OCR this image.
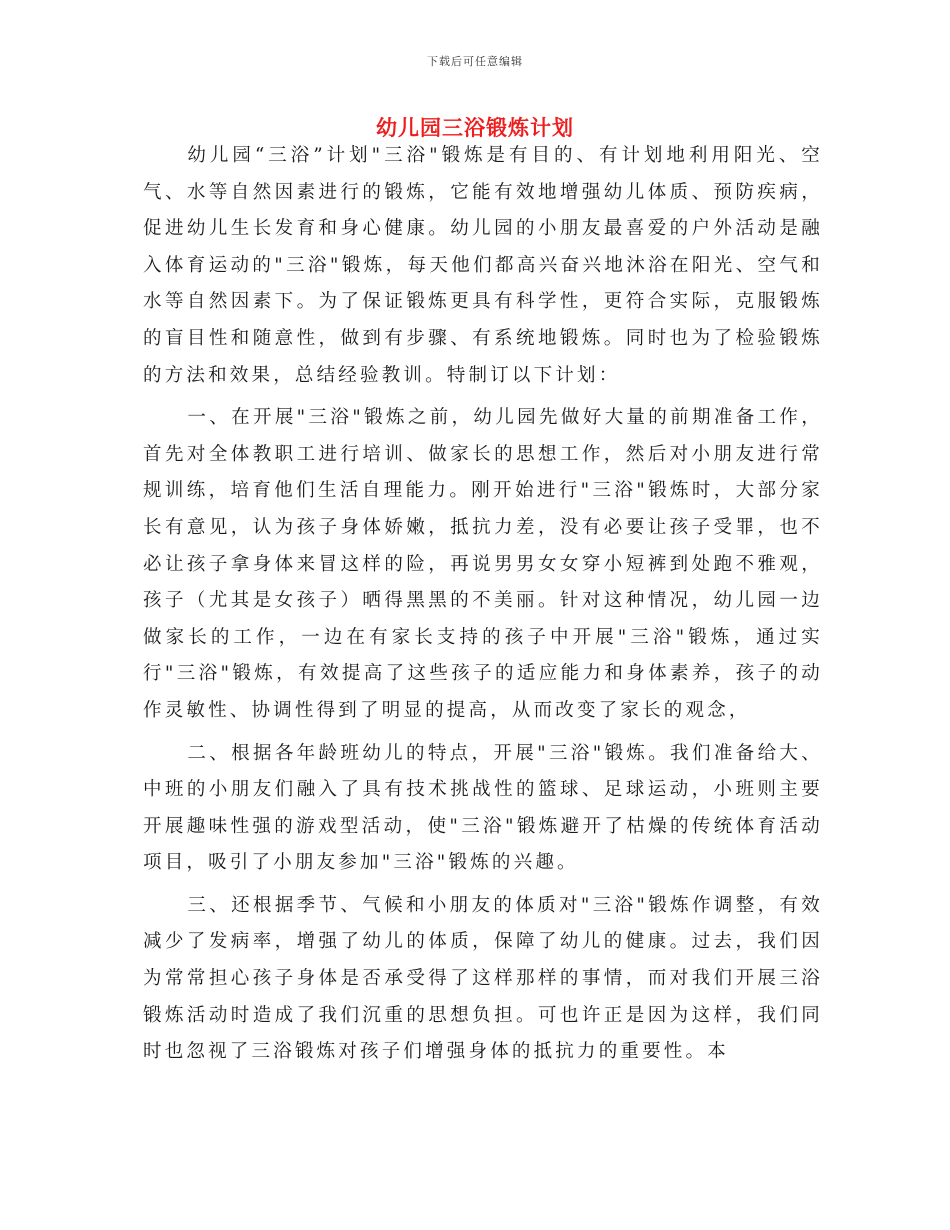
下载后可任意编辑
幼儿园三浴锻炼计划

幼儿园“三浴”计划"三浴"锻炼是有目的、有计划地利用阳光、空气、水等自然因素进行的锻炼，它能有效地增强幼儿体质、预防疾病，促进幼儿生长发育和身心健康。幼儿园的小朋友最喜爱的户外活动是融入体育运动的"三浴"锻炼，每天他们都高兴奋兴地沐浴在阳光、空气和水等自然因素下。为了保证锻炼更具有科学性，更符合实际，克服锻炼的盲目性和随意性，做到有步骤、有系统地锻炼。同时也为了检验锻炼的方法和效果，总结经验教训。特制订以下计划：

一、在开展"三浴"锻炼之前，幼儿园先做好大量的前期准备工作，首先对全体教职工进行培训、做家长的思想工作，然后对小朋友进行常规训练，培育他们生活自理能力。刚开始进行"三浴"锻炼时，大部分家长有意见，认为孩子身体娇嫩，抵抗力差，没有必要让孩子受罪，也不必让孩子拿身体来冒这样的险，再说男男女女穿小短裤到处跑不雅观，孩子（尤其是女孩子）晒得黑黑的不美丽。针对这种情况，幼儿园一边做家长的工作，一边在有家长支持的孩子中开展"三浴"锻炼，通过实行"三浴"锻炼，有效提高了这些孩子的适应能力和身体素养，孩子的动作灵敏性、协调性得到了明显的提高，从而改变了家长的观念，

二、根据各年龄班幼儿的特点，开展"三浴"锻炼。我们准备给大、中班的小朋友们融入了具有技术挑战性的篮球、足球运动，小班则主要开展趣味性强的游戏型活动，使"三浴"锻炼避开了枯燥的传统体育活动项目，吸引了小朋友参加"三浴"锻炼的兴趣。

三、还根据季节、气候和小朋友的体质对"三浴"锻炼作调整，有效减少了发病率，增强了幼儿的体质，保障了幼儿的健康。过去，我们因为常常担心孩子身体是否承受得了这样那样的事情，而对我们开展三浴锻炼活动时造成了我们沉重的思想负担。可也许正是因为这样，我们同时也忽视了三浴锻炼对孩子们增强身体的抵抗力的重要性。本
